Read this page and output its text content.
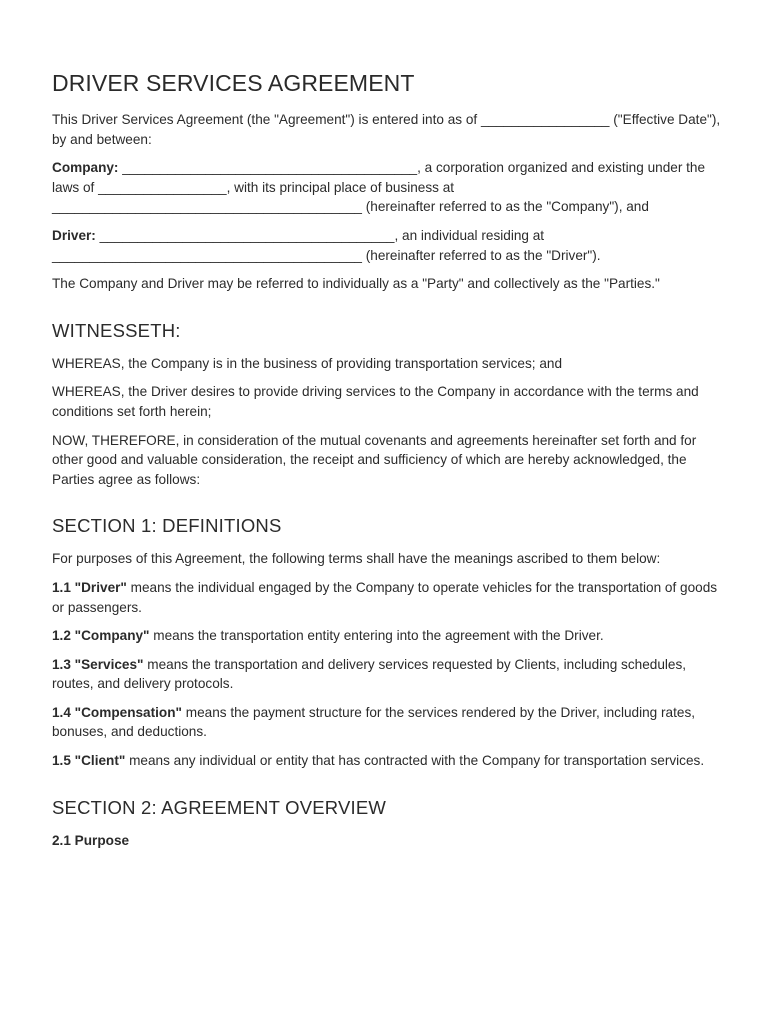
DRIVER SERVICES AGREEMENT

This Driver Services Agreement (the "Agreement") is entered into as of _________________ ("Effective Date"), by and between:

Company: _______________________________________, a corporation organized and existing under the laws of _________________, with its principal place of business at _________________________________________ (hereinafter referred to as the "Company"), and

Driver: _______________________________________, an individual residing at _________________________________________ (hereinafter referred to as the "Driver").

The Company and Driver may be referred to individually as a "Party" and collectively as the "Parties."

WITNESSETH:

WHEREAS, the Company is in the business of providing transportation services; and

WHEREAS, the Driver desires to provide driving services to the Company in accordance with the terms and conditions set forth herein;

NOW, THEREFORE, in consideration of the mutual covenants and agreements hereinafter set forth and for other good and valuable consideration, the receipt and sufficiency of which are hereby acknowledged, the Parties agree as follows:

SECTION 1: DEFINITIONS

For purposes of this Agreement, the following terms shall have the meanings ascribed to them below:

1.1 "Driver" means the individual engaged by the Company to operate vehicles for the transportation of goods or passengers.

1.2 "Company" means the transportation entity entering into the agreement with the Driver.

1.3 "Services" means the transportation and delivery services requested by Clients, including schedules, routes, and delivery protocols.

1.4 "Compensation" means the payment structure for the services rendered by the Driver, including rates, bonuses, and deductions.

1.5 "Client" means any individual or entity that has contracted with the Company for transportation services.

SECTION 2: AGREEMENT OVERVIEW

2.1 Purpose
